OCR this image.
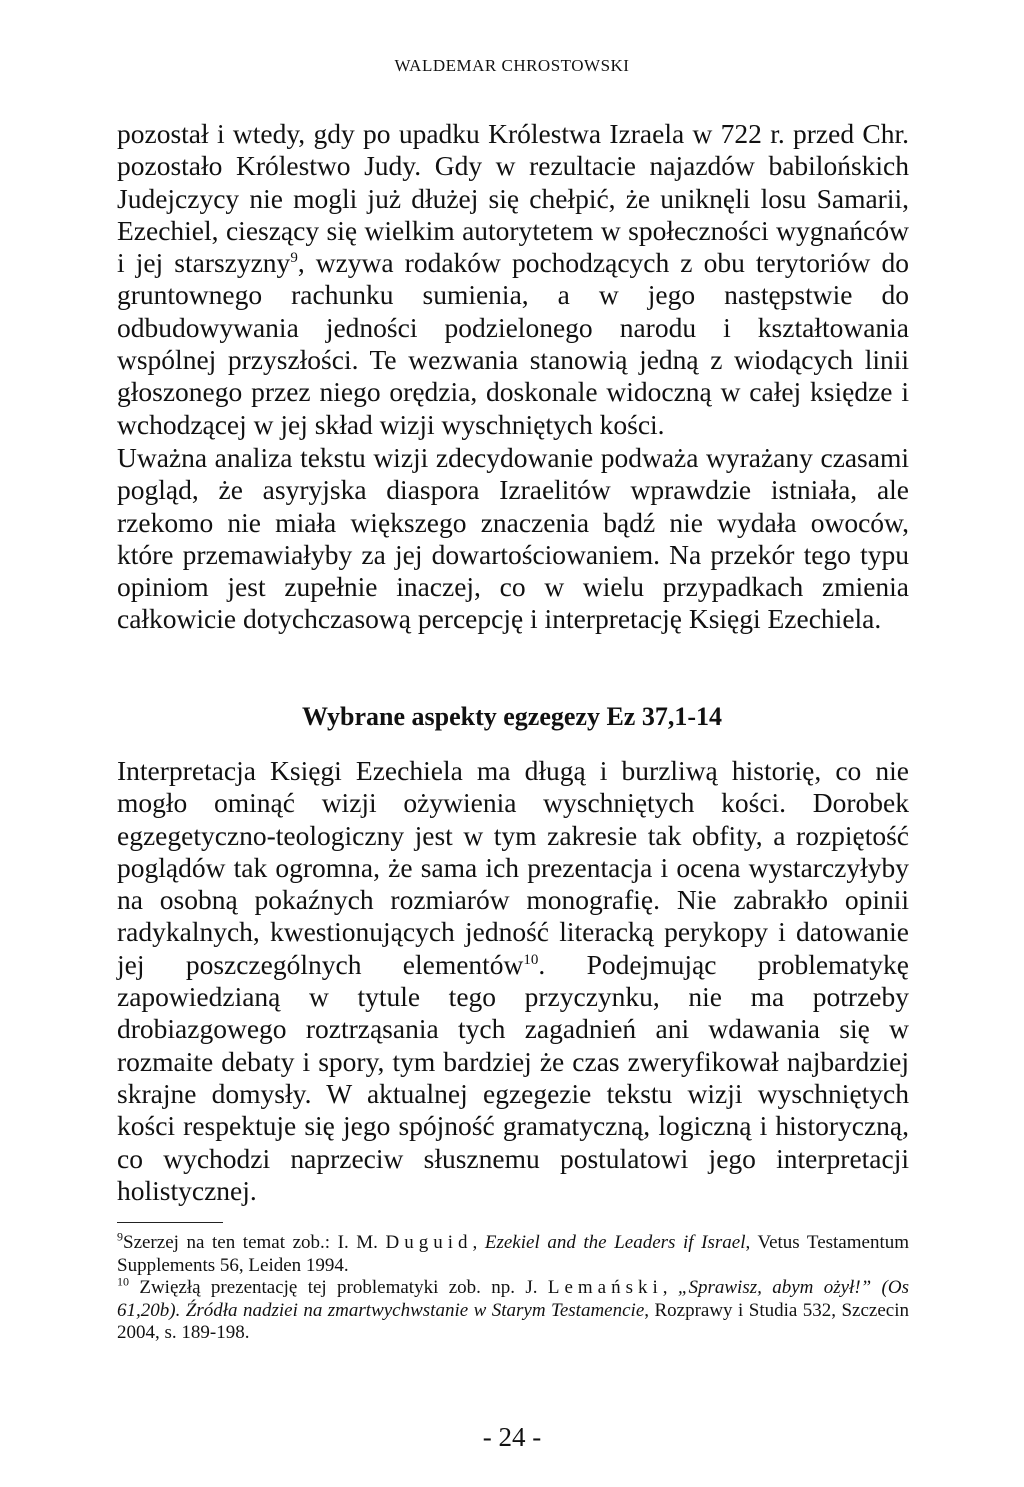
WALDEMAR CHROSTOWSKI

pozostał i wtedy, gdy po upadku Królestwa Izraela w 722 r. przed Chr. pozostało Królestwo Judy. Gdy w rezultacie najazdów babilońskich Judejczycy nie mogli już dłużej się chełpić, że uniknęli losu Samarii, Ezechiel, cieszący się wielkim autorytetem w społeczności wygnańców i jej starszyzny$^9$, wzywa rodaków pochodzących z obu terytoriów do gruntownego rachunku sumienia, a w jego następstwie do odbudowywania jedności podzielonego narodu i kształtowania wspólnej przyszłości. Te wezwania stanowią jedną z wiodących linii głoszonego przez niego orędzia, doskonale widoczną w całej księdze i wchodzącej w jej skład wizji wyschniętych kości.

Uważna analiza tekstu wizji zdecydowanie podważa wyrażany czasami pogląd, że asyryjska diaspora Izraelitów wprawdzie istniała, ale rzekomo nie miała większego znaczenia bądź nie wydała owoców, które przemawiałyby za jej dowartościowaniem. Na przekór tego typu opiniom jest zupełnie inaczej, co w wielu przypadkach zmienia całkowicie dotychczasową percepcję i interpretację Księgi Ezechiela.

Wybrane aspekty egzegezy Ez 37,1-14

Interpretacja Księgi Ezechiela ma długą i burzliwą historię, co nie mogło ominąć wizji ożywienia wyschniętych kości. Dorobek egzegetyczno-teologiczny jest w tym zakresie tak obfity, a rozpiętość poglądów tak ogromna, że sama ich prezentacja i ocena wystarczyłyby na osobną pokaźnych rozmiarów monografię. Nie zabrakło opinii radykalnych, kwestionujących jedność literacką perykopy i datowanie jej poszczególnych elementów$^{10}$. Podejmując problematykę zapowiedzianą w tytule tego przyczynku, nie ma potrzeby drobiazgowego roztrząsania tych zagadnień ani wdawania się w rozmaite debaty i spory, tym bardziej że czas zweryfikował najbardziej skrajne domysły. W aktualnej egzegezie tekstu wizji wyschniętych kości respektuje się jego spójność gramatyczną, logiczną i historyczną, co wychodzi naprzeciw słusznemu postulatowi jego interpretacji holistycznej.

$^9$Szerzej na ten temat zob.: I. M. Duguid, Ezekiel and the Leaders if Israel, Vetus Testamentum Supplements 56, Leiden 1994.

$^{10}$ Zwięzłą prezentację tej problematyki zob. np. J. Lemański, „Sprawisz, abym ożył!” (Os 61,20b). Źródła nadziei na zmartwychwstanie w Starym Testamencie, Rozprawy i Studia 532, Szczecin 2004, s. 189-198.

- 24 -
